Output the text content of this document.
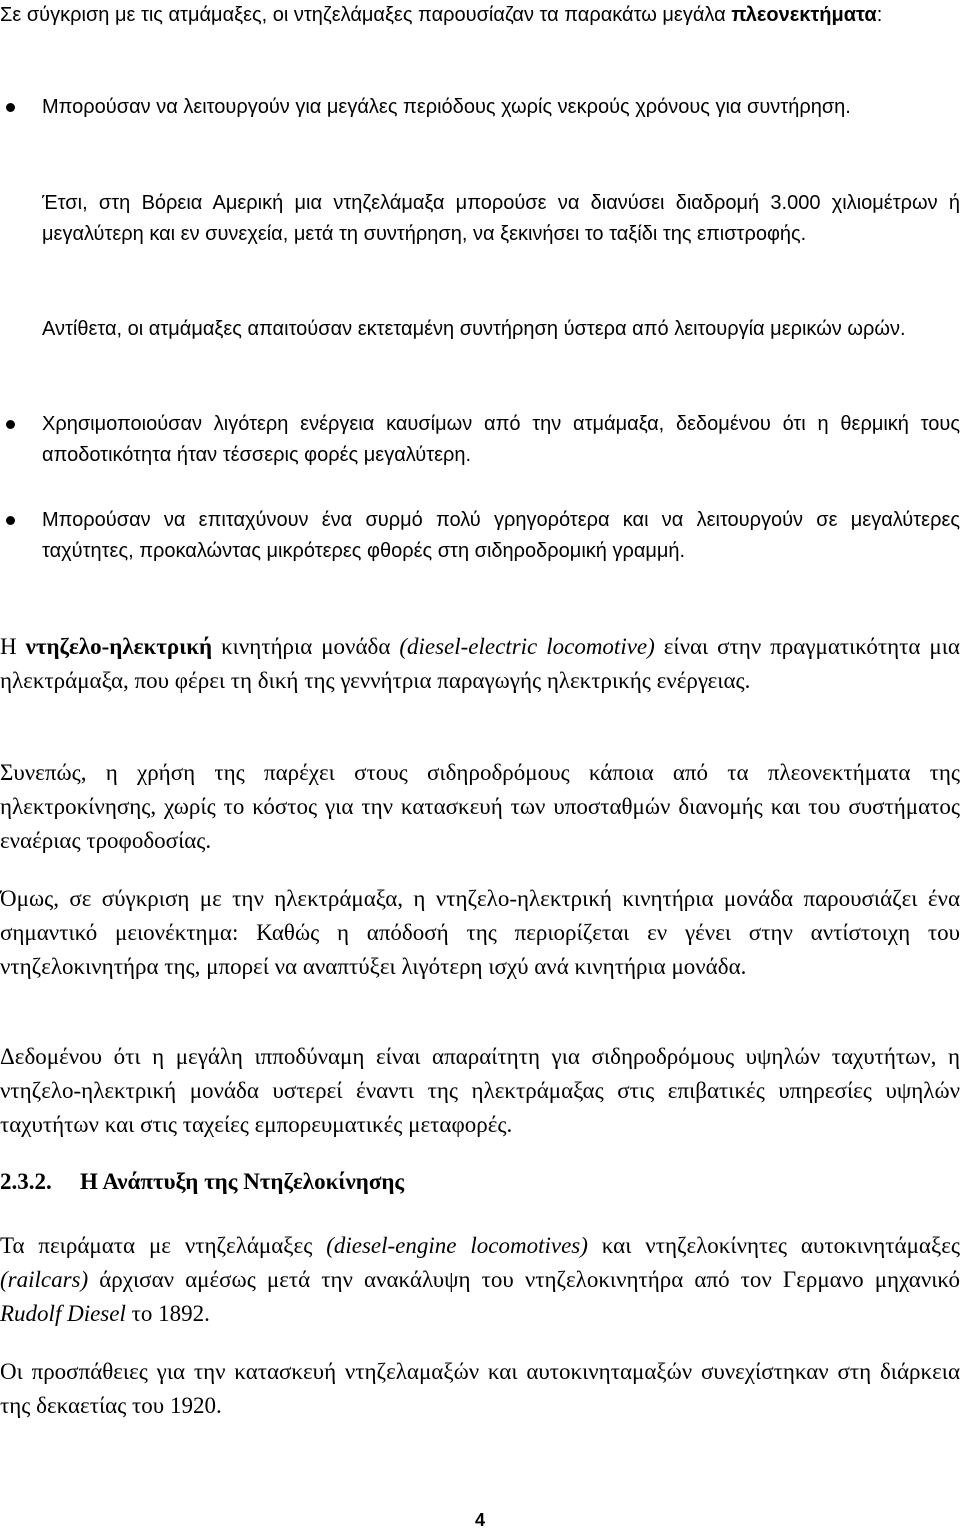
Σε σύγκριση με τις ατμάμαξες, οι ντηζελάμαξες παρουσίαζαν τα παρακάτω μεγάλα πλεονεκτήματα:

Μπορούσαν να λειτουργούν για μεγάλες περιόδους χωρίς νεκρούς χρόνους για συντήρηση.

Έτσι, στη Βόρεια Αμερική μια ντηζελάμαξα μπορούσε να διανύσει διαδρομή 3.000 χιλιομέτρων ή μεγαλύτερη και εν συνεχεία, μετά τη συντήρηση, να ξεκινήσει το ταξίδι της επιστροφής.

Αντίθετα, οι ατμάμαξες απαιτούσαν εκτεταμένη συντήρηση ύστερα από λειτουργία μερικών ωρών.

Χρησιμοποιούσαν λιγότερη ενέργεια καυσίμων από την ατμάμαξα, δεδομένου ότι η θερμική τους αποδοτικότητα ήταν τέσσερις φορές μεγαλύτερη.

Μπορούσαν να επιταχύνουν ένα συρμό πολύ γρηγορότερα και να λειτουργούν σε μεγαλύτερες ταχύτητες, προκαλώντας μικρότερες φθορές στη σιδηροδρομική γραμμή.

Η ντηζελο-ηλεκτρική κινητήρια μονάδα (diesel-electric locomotive) είναι στην πραγματικότητα μια ηλεκτράμαξα, που φέρει τη δική της γεννήτρια παραγωγής ηλεκτρικής ενέργειας.

Συνεπώς, η χρήση της παρέχει στους σιδηροδρόμους κάποια από τα πλεονεκτήματα της ηλεκτροκίνησης, χωρίς το κόστος για την κατασκευή των υποσταθμών διανομής και του συστήματος εναέριας τροφοδοσίας.

Όμως, σε σύγκριση με την ηλεκτράμαξα, η ντηζελο-ηλεκτρική κινητήρια μονάδα παρουσιάζει ένα σημαντικό μειονέκτημα: Καθώς η απόδοσή της περιορίζεται εν γένει στην αντίστοιχη του ντηζελοκινητήρα της, μπορεί να αναπτύξει λιγότερη ισχύ ανά κινητήρια μονάδα.

Δεδομένου ότι η μεγάλη ιπποδύναμη είναι απαραίτητη για σιδηροδρόμους υψηλών ταχυτήτων, η ντηζελο-ηλεκτρική μονάδα υστερεί έναντι της ηλεκτράμαξας στις επιβατικές υπηρεσίες υψηλών ταχυτήτων και στις ταχείες εμπορευματικές μεταφορές.

2.3.2. Η Ανάπτυξη της Ντηζελοκίνησης

Τα πειράματα με ντηζελάμαξες (diesel-engine locomotives) και ντηζελοκίνητες αυτοκινητάμαξες (railcars) άρχισαν αμέσως μετά την ανακάλυψη του ντηζελοκινητήρα από τον Γερμανο μηχανικό Rudolf Diesel το 1892.

Οι προσπάθειες για την κατασκευή ντηζελαμαξών και αυτοκινηταμαξών συνεχίστηκαν στη διάρκεια της δεκαετίας του 1920.

4
